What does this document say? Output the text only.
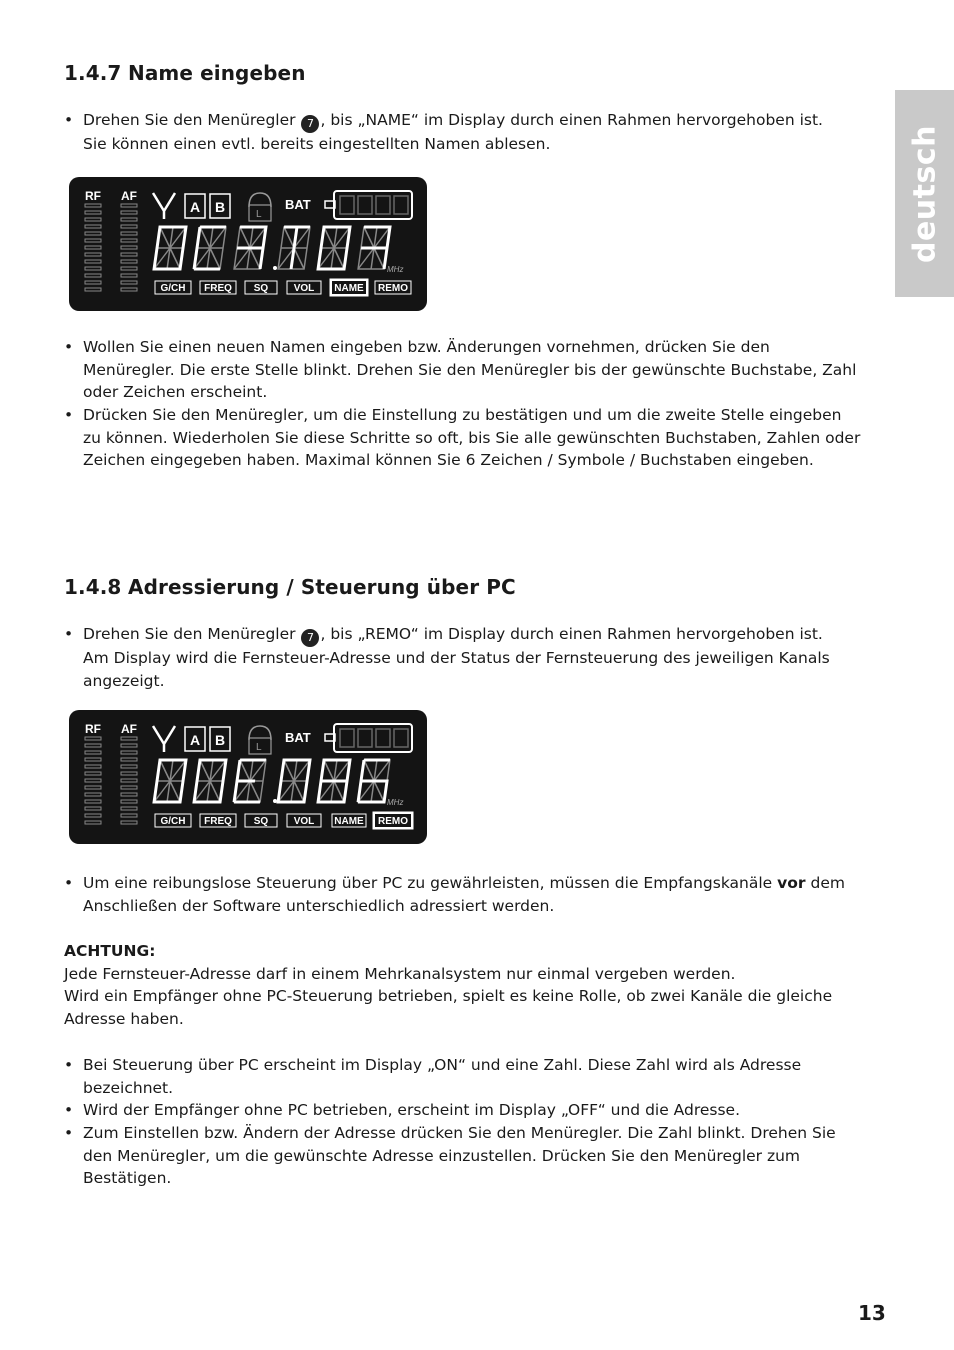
deutsch
1.4.7 Name eingeben
• Drehen Sie den Menüregler 7 , bis „NAME“ im Display durch einen Rahmen hervorgehoben ist.
Sie können einen evtl. bereits eingestellten Namen ablesen.
RF AF
A B	L
BAT
MHz
G/CH FREQ SQ	VOL NAME REMO
• Wollen Sie einen neuen Namen eingeben bzw. Änderungen vornehmen, drücken Sie den Menüregler. Die erste Stelle blinkt. Drehen Sie den Menüregler bis der gewünschte Buchstabe, Zahl oder Zeichen erscheint.
• Drücken Sie den Menüregler, um die Einstellung zu bestätigen und um die zweite Stelle eingeben zu können. Wiederholen Sie diese Schritte so oft, bis Sie alle gewünschten Buchstaben, Zahlen oder Zeichen eingegeben haben. Maximal können Sie 6 Zeichen / Symbole / Buchstaben eingeben.
1.4.8 Adressierung / Steuerung über PC
• Drehen Sie den Menüregler 7 , bis „REMO“ im Display durch einen Rahmen hervorgehoben ist.
Am Display wird die Fernsteuer-Adresse und der Status der Fernsteuerung des jeweiligen Kanals angezeigt.
RF AF
A B	L
BAT
MHz
G/CH FREQ SQ	VOL NAME REMO
• Um eine reibungslose Steuerung über PC zu gewährleisten, müssen die Empfangskanäle vor dem Anschließen der Software unterschiedlich adressiert werden.
ACHTUNG:
Jede Fernsteuer-Adresse darf in einem Mehrkanalsystem nur einmal vergeben werden.
Wird ein Empfänger ohne PC-Steuerung betrieben, spielt es keine Rolle, ob zwei Kanäle die gleiche Adresse haben.
• Bei Steuerung über PC erscheint im Display „ON“ und eine Zahl. Diese Zahl wird als Adresse bezeichnet.
• Wird der Empfänger ohne PC betrieben, erscheint im Display „OFF“ und die Adresse.
• Zum Einstellen bzw. Ändern der Adresse drücken Sie den Menüregler. Die Zahl blinkt. Drehen Sie den Menüregler, um die gewünschte Adresse einzustellen. Drücken Sie den Menüregler zum Bestätigen.
13
